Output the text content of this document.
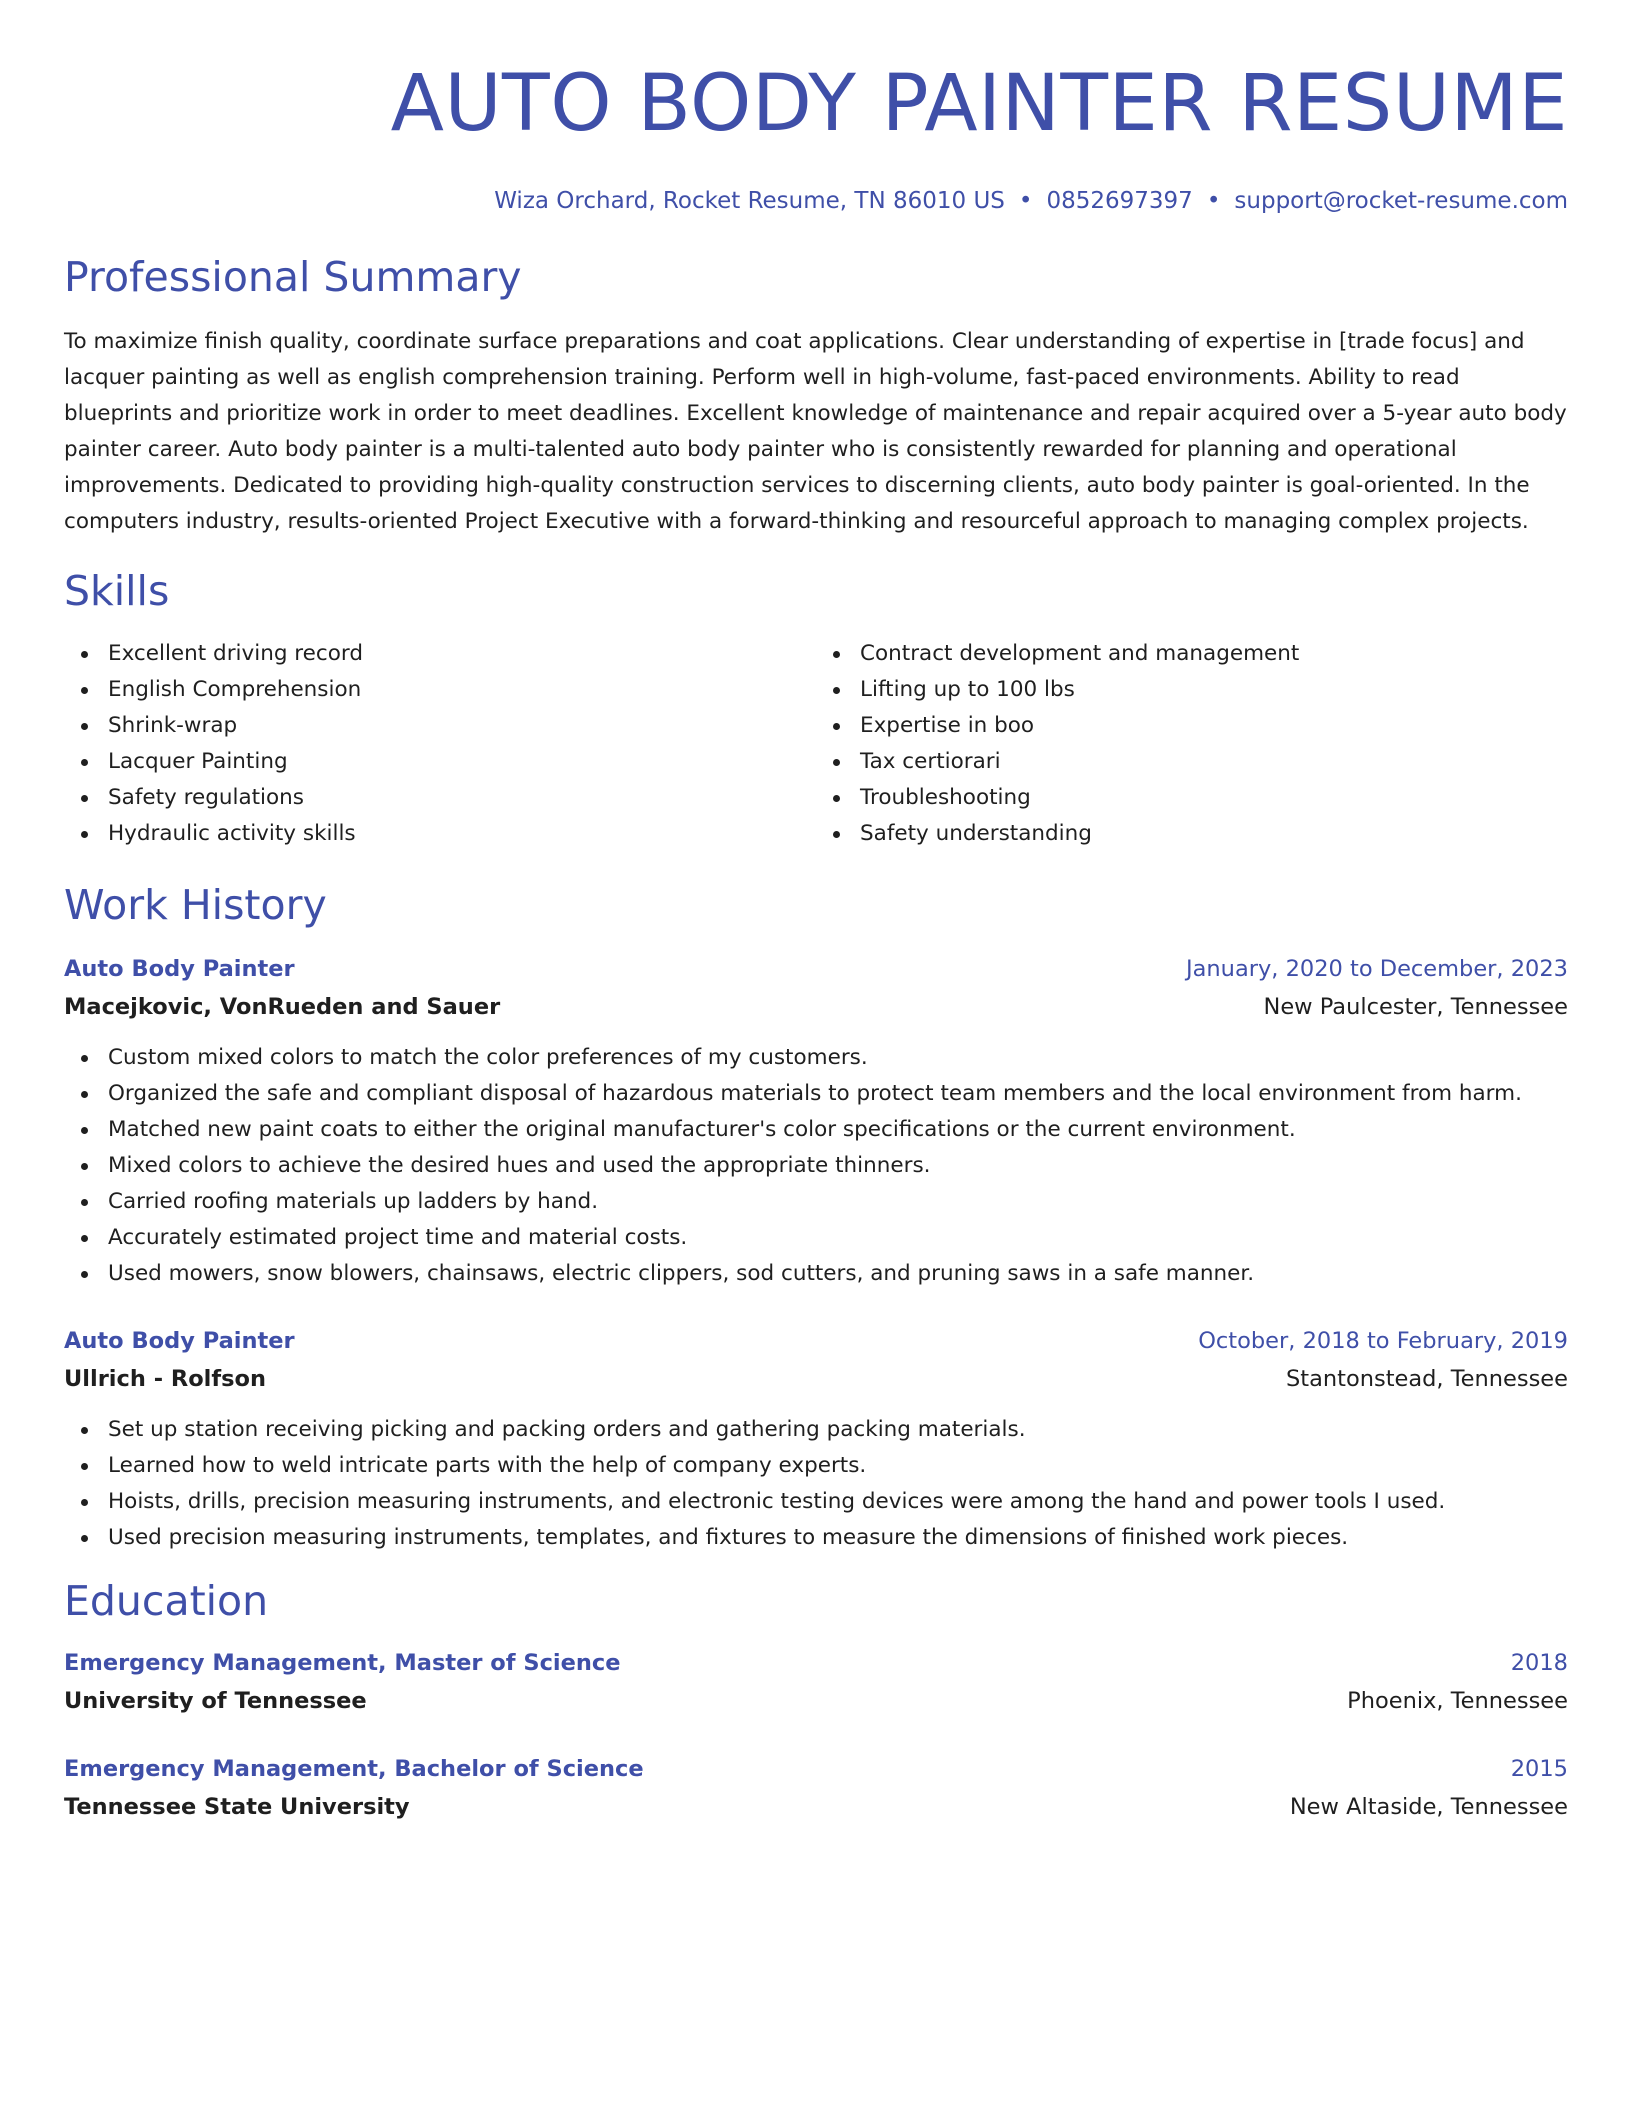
AUTO BODY PAINTER RESUME
Wiza Orchard, Rocket Resume, TN 86010 US • 0852697397 • support@rocket-resume.com
Professional Summary
To maximize finish quality, coordinate surface preparations and coat applications. Clear understanding of expertise in [trade focus] and lacquer painting as well as english comprehension training. Perform well in high-volume, fast-paced environments. Ability to read blueprints and prioritize work in order to meet deadlines. Excellent knowledge of maintenance and repair acquired over a 5-year auto body painter career. Auto body painter is a multi-talented auto body painter who is consistently rewarded for planning and operational improvements. Dedicated to providing high-quality construction services to discerning clients, auto body painter is goal-oriented. In the computers industry, results-oriented Project Executive with a forward-thinking and resourceful approach to managing complex projects.
Skills
Excellent driving record
English Comprehension
Shrink-wrap
Lacquer Painting
Safety regulations
Hydraulic activity skills
Contract development and management
Lifting up to 100 lbs
Expertise in boo
Tax certiorari
Troubleshooting
Safety understanding
Work History
Auto Body Painter	January, 2020 to December, 2023
Macejkovic, VonRueden and Sauer	New Paulcester, Tennessee
Custom mixed colors to match the color preferences of my customers.
Organized the safe and compliant disposal of hazardous materials to protect team members and the local environment from harm.
Matched new paint coats to either the original manufacturer's color specifications or the current environment.
Mixed colors to achieve the desired hues and used the appropriate thinners.
Carried roofing materials up ladders by hand.
Accurately estimated project time and material costs.
Used mowers, snow blowers, chainsaws, electric clippers, sod cutters, and pruning saws in a safe manner.
Auto Body Painter	October, 2018 to February, 2019
Ullrich - Rolfson	Stantonstead, Tennessee
Set up station receiving picking and packing orders and gathering packing materials.
Learned how to weld intricate parts with the help of company experts.
Hoists, drills, precision measuring instruments, and electronic testing devices were among the hand and power tools I used.
Used precision measuring instruments, templates, and fixtures to measure the dimensions of finished work pieces.
Education
Emergency Management, Master of Science	2018
University of Tennessee	Phoenix, Tennessee
Emergency Management, Bachelor of Science	2015
Tennessee State University	New Altaside, Tennessee
